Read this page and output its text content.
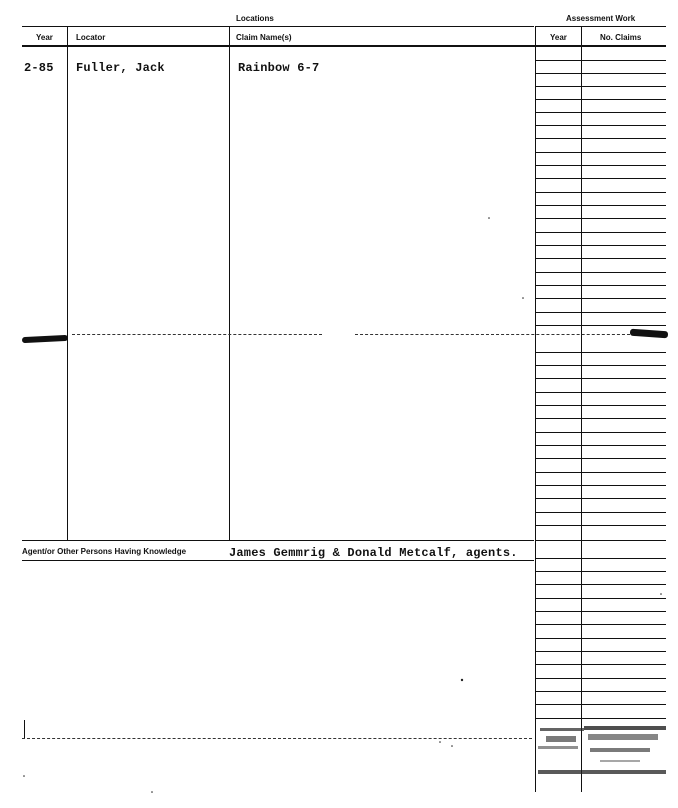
Locations	Assessment Work
Year	Locator	Claim Name(s)	Year	No. Claims
2-85 Fuller, Jack	Rainbow 6-7
Agent/or Other Persons Having Knowledge	James Gemmrig & Donald Metcalf, agents.
